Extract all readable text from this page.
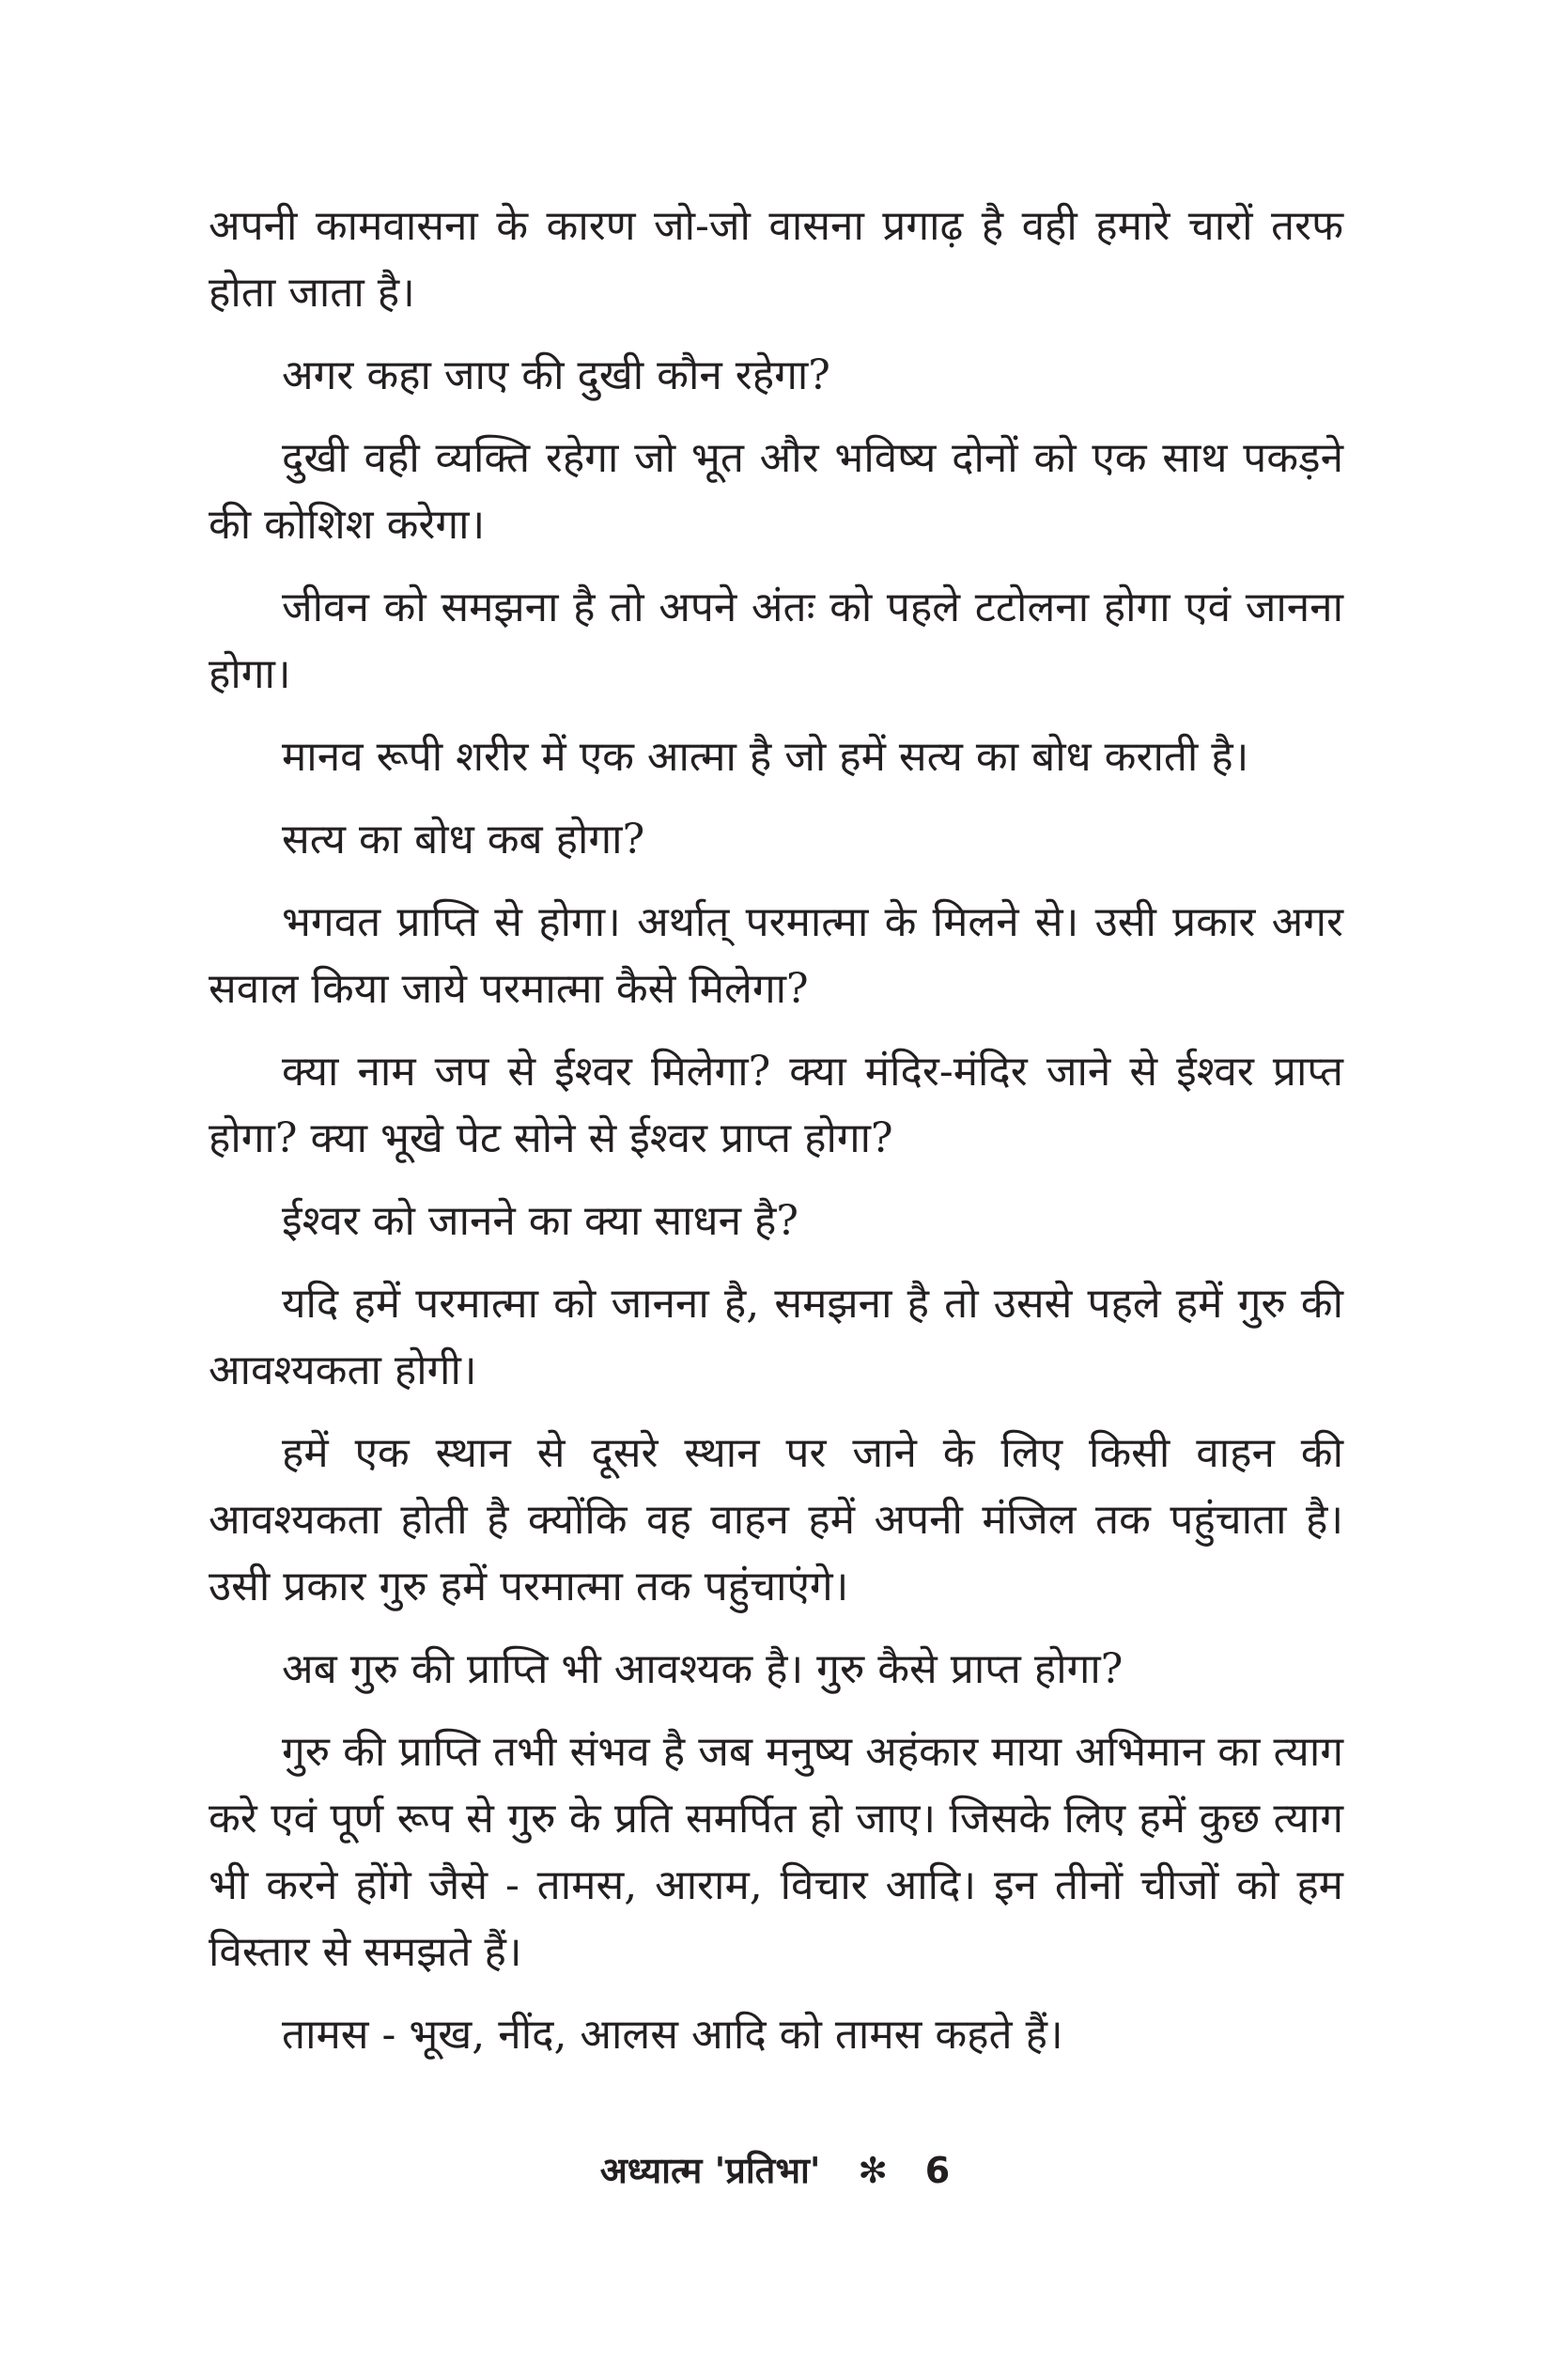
अपनी कामवासना के कारण जो-जो वासना प्रगाढ़ है वही हमारे चारों तरफ होता जाता है।

अगर कहा जाए की दुखी कौन रहेगा?

दुखी वही व्यक्ति रहेगा जो भूत और भविष्य दोनों को एक साथ पकड़ने की कोशिश करेगा।

जीवन को समझना है तो अपने अंतः को पहले टटोलना होगा एवं जानना होगा।

मानव रूपी शरीर में एक आत्मा है जो हमें सत्य का बोध कराती है।

सत्य का बोध कब होगा?

भगवत प्राप्ति से होगा। अर्थात् परमात्मा के मिलने से। उसी प्रकार अगर सवाल किया जाये परमात्मा कैसे मिलेगा?

क्या नाम जप से ईश्वर मिलेगा? क्या मंदिर-मंदिर जाने से ईश्वर प्राप्त होगा? क्या भूखे पेट सोने से ईश्वर प्राप्त होगा?

ईश्वर को जानने का क्या साधन है?

यदि हमें परमात्मा को जानना है, समझना है तो उससे पहले हमें गुरु की आवश्यकता होगी।

हमें एक स्थान से दूसरे स्थान पर जाने के लिए किसी वाहन की आवश्यकता होती है क्योंकि वह वाहन हमें अपनी मंजिल तक पहुंचाता है। उसी प्रकार गुरु हमें परमात्मा तक पहुंचाएंगे।

अब गुरु की प्राप्ति भी आवश्यक है। गुरु कैसे प्राप्त होगा?

गुरु की प्राप्ति तभी संभव है जब मनुष्य अहंकार माया अभिमान का त्याग करे एवं पूर्ण रूप से गुरु के प्रति समर्पित हो जाए। जिसके लिए हमें कुछ त्याग भी करने होंगे जैसे - तामस, आराम, विचार आदि। इन तीनों चीजों को हम विस्तार से समझते हैं।

तामस - भूख, नींद, आलस आदि को तामस कहते हैं।

अध्यात्म 'प्रतिभा' ✻ 6
